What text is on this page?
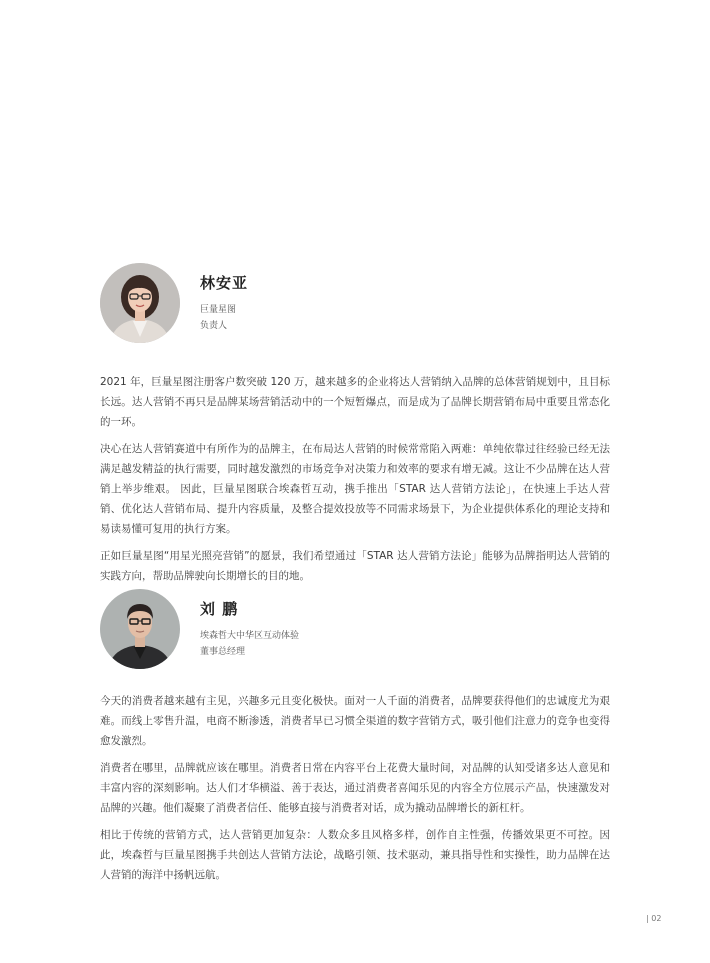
林安亚
巨量星图
负责人

2021 年，巨量星图注册客户数突破 120 万，越来越多的企业将达人营销纳入品牌的总体营销规划中，且目标长远。达人营销不再只是品牌某场营销活动中的一个短暂爆点，而是成为了品牌长期营销布局中重要且常态化的一环。

决心在达人营销赛道中有所作为的品牌主，在布局达人营销的时候常常陷入两难：单纯依靠过往经验已经无法满足越发精益的执行需要，同时越发激烈的市场竞争对决策力和效率的要求有增无减。这让不少品牌在达人营销上举步维艰。 因此，巨量星图联合埃森哲互动，携手推出「STAR 达人营销方法论」，在快速上手达人营销、优化达人营销布局、提升内容质量，及整合提效投放等不同需求场景下，为企业提供体系化的理论支持和易读易懂可复用的执行方案。

正如巨量星图“用星光照亮营销”的愿景，我们希望通过「STAR 达人营销方法论」能够为品牌指明达人营销的实践方向，帮助品牌驶向长期增长的目的地。

刘 鹏
埃森哲大中华区互动体验
董事总经理

今天的消费者越来越有主见，兴趣多元且变化极快。面对一人千面的消费者，品牌要获得他们的忠诚度尤为艰难。而线上零售升温，电商不断渗透，消费者早已习惯全渠道的数字营销方式，吸引他们注意力的竞争也变得愈发激烈。

消费者在哪里，品牌就应该在哪里。消费者日常在内容平台上花费大量时间，对品牌的认知受诸多达人意见和丰富内容的深刻影响。达人们才华横溢、善于表达，通过消费者喜闻乐见的内容全方位展示产品，快速激发对品牌的兴趣。他们凝聚了消费者信任、能够直接与消费者对话，成为撬动品牌增长的新杠杆。

相比于传统的营销方式，达人营销更加复杂：人数众多且风格多样，创作自主性强，传播效果更不可控。因此，埃森哲与巨量星图携手共创达人营销方法论，战略引领、技术驱动，兼具指导性和实操性，助力品牌在达人营销的海洋中扬帆远航。

| 02
